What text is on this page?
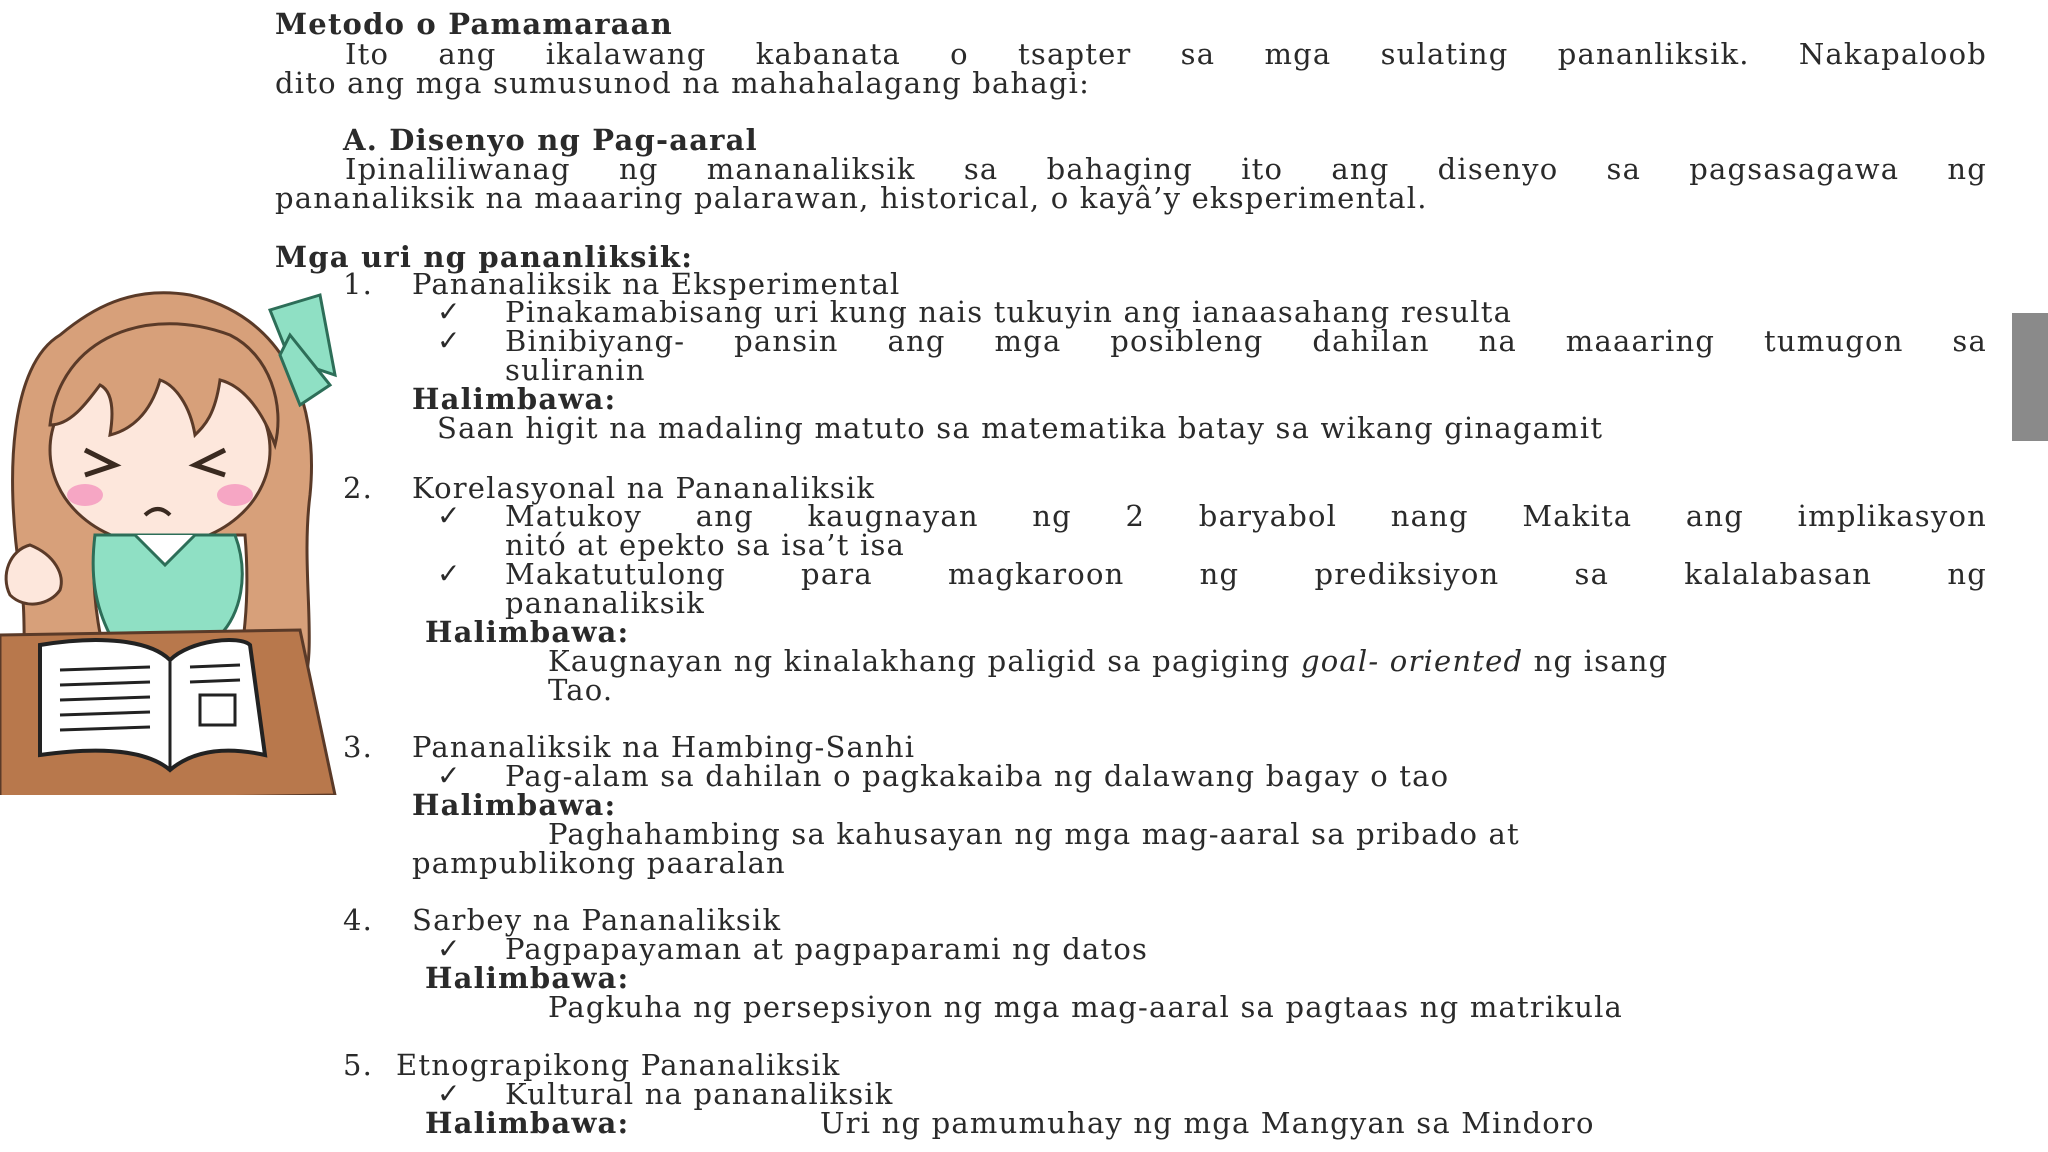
Metodo o Pamamaraan
Ito ang ikalawang kabanata o tsapter sa mga sulating pananliksik. Nakapaloob
dito ang mga sumusunod na mahahalagang bahagi:
A. Disenyo ng Pag-aaral
Ipinaliliwanag ng mananaliksik sa bahaging ito ang disenyo sa pagsasagawa ng
pananaliksik na maaaring palarawan, historical, o kayâ’y eksperimental.
Mga uri ng pananliksik:
1. Pananaliksik na Eksperimental
✓ Pinakamabisang uri kung nais tukuyin ang ianaasahang resulta
✓ Binibiyang- pansin ang mga posibleng dahilan na maaaring tumugon sa
suliranin
Halimbawa:
Saan higit na madaling matuto sa matematika batay sa wikang ginagamit
2. Korelasyonal na Pananaliksik
✓ Matukoy ang kaugnayan ng 2 baryabol nang Makita ang implikasyon
nitó at epekto sa isa’t isa
✓ Makatutulong para magkaroon ng prediksiyon sa kalalabasan ng
pananaliksik
Halimbawa:
Kaugnayan ng kinalakhang paligid sa pagiging goal- oriented ng isang
Tao.
3. Pananaliksik na Hambing-Sanhi
✓ Pag-alam sa dahilan o pagkakaiba ng dalawang bagay o tao
Halimbawa:
Paghahambing sa kahusayan ng mga mag-aaral sa pribado at
pampublikong paaralan
4. Sarbey na Pananaliksik
✓ Pagpapayaman at pagpaparami ng datos
Halimbawa:
Pagkuha ng persepsiyon ng mga mag-aaral sa pagtaas ng matrikula
5. Etnograpikong Pananaliksik
✓ Kultural na pananaliksik
Halimbawa:	Uri ng pamumuhay ng mga Mangyan sa Mindoro
